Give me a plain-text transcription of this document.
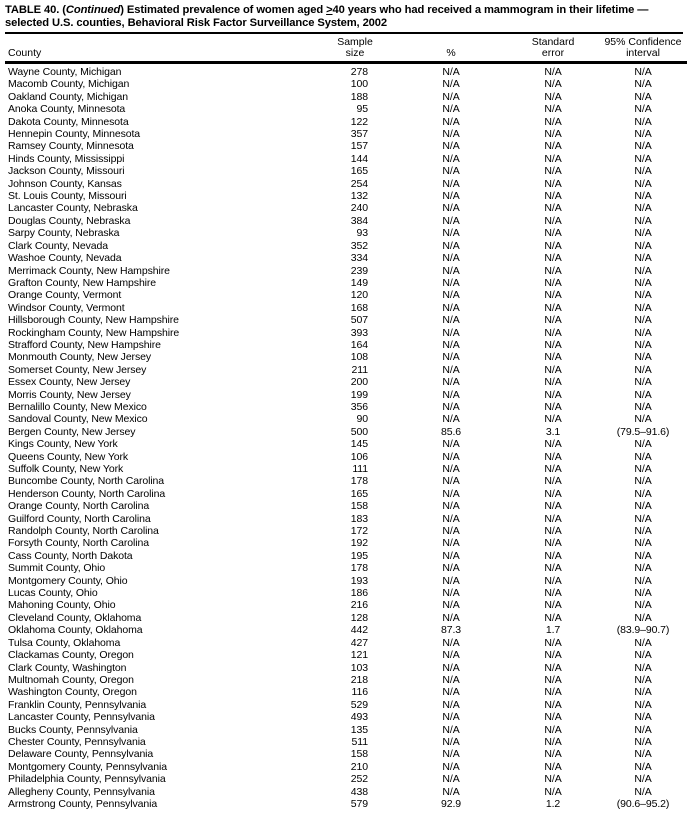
TABLE 40. (Continued) Estimated prevalence of women aged ≥40 years who had received a mammogram in their lifetime —
selected U.S. counties, Behavioral Risk Factor Surveillance System, 2002
County

Sample
size	%

Standard
error

95% Confidence
interval

Wayne County, Michigan	278	N/A	N/A	N/A
Macomb County, Michigan	100	N/A	N/A	N/A
Oakland County, Michigan	188	N/A	N/A	N/A
Anoka County, Minnesota	95	N/A	N/A	N/A
Dakota County, Minnesota	122	N/A	N/A	N/A
Hennepin County, Minnesota	357	N/A	N/A	N/A
Ramsey County, Minnesota	157	N/A	N/A	N/A
Hinds County, Mississippi	144	N/A	N/A	N/A
Jackson County, Missouri	165	N/A	N/A	N/A
Johnson County, Kansas	254	N/A	N/A	N/A
St. Louis County, Missouri	132	N/A	N/A	N/A
Lancaster County, Nebraska	240	N/A	N/A	N/A
Douglas County, Nebraska	384	N/A	N/A	N/A
Sarpy County, Nebraska	93	N/A	N/A	N/A
Clark County, Nevada	352	N/A	N/A	N/A
Washoe County, Nevada	334	N/A	N/A	N/A
Merrimack County, New Hampshire	239	N/A	N/A	N/A
Grafton County, New Hampshire	149	N/A	N/A	N/A
Orange County, Vermont	120	N/A	N/A	N/A
Windsor County, Vermont	168	N/A	N/A	N/A
Hillsborough County, New Hampshire	507	N/A	N/A	N/A
Rockingham County, New Hampshire	393	N/A	N/A	N/A
Strafford County, New Hampshire	164	N/A	N/A	N/A
Monmouth County, New Jersey	108	N/A	N/A	N/A
Somerset County, New Jersey	211	N/A	N/A	N/A
Essex County, New Jersey	200	N/A	N/A	N/A
Morris County, New Jersey	199	N/A	N/A	N/A
Bernalillo County, New Mexico	356	N/A	N/A	N/A
Sandoval County, New Mexico	90	N/A	N/A	N/A
Bergen County, New Jersey	500	85.6	3.1	(79.5–91.6)
Kings County, New York	145	N/A	N/A	N/A
Queens County, New York	106	N/A	N/A	N/A
Suffolk County, New York	111	N/A	N/A	N/A
Buncombe County, North Carolina	178	N/A	N/A	N/A
Henderson County, North Carolina	165	N/A	N/A	N/A
Orange County, North Carolina	158	N/A	N/A	N/A
Guilford County, North Carolina	183	N/A	N/A	N/A
Randolph County, North Carolina	172	N/A	N/A	N/A
Forsyth County, North Carolina	192	N/A	N/A	N/A
Cass County, North Dakota	195	N/A	N/A	N/A
Summit County, Ohio	178	N/A	N/A	N/A
Montgomery County, Ohio	193	N/A	N/A	N/A
Lucas County, Ohio	186	N/A	N/A	N/A
Mahoning County, Ohio	216	N/A	N/A	N/A
Cleveland County, Oklahoma	128	N/A	N/A	N/A
Oklahoma County, Oklahoma	442	87.3	1.7	(83.9–90.7)
Tulsa County, Oklahoma	427	N/A	N/A	N/A
Clackamas County, Oregon	121	N/A	N/A	N/A
Clark County, Washington	103	N/A	N/A	N/A
Multnomah County, Oregon	218	N/A	N/A	N/A
Washington County, Oregon	116	N/A	N/A	N/A
Franklin County, Pennsylvania	529	N/A	N/A	N/A
Lancaster County, Pennsylvania	493	N/A	N/A	N/A
Bucks County, Pennsylvania	135	N/A	N/A	N/A
Chester County, Pennsylvania	511	N/A	N/A	N/A
Delaware County, Pennsylvania	158	N/A	N/A	N/A
Montgomery County, Pennsylvania	210	N/A	N/A	N/A
Philadelphia County, Pennsylvania	252	N/A	N/A	N/A
Allegheny County, Pennsylvania	438	N/A	N/A	N/A
Armstrong County, Pennsylvania	579	92.9	1.2	(90.6–95.2)
